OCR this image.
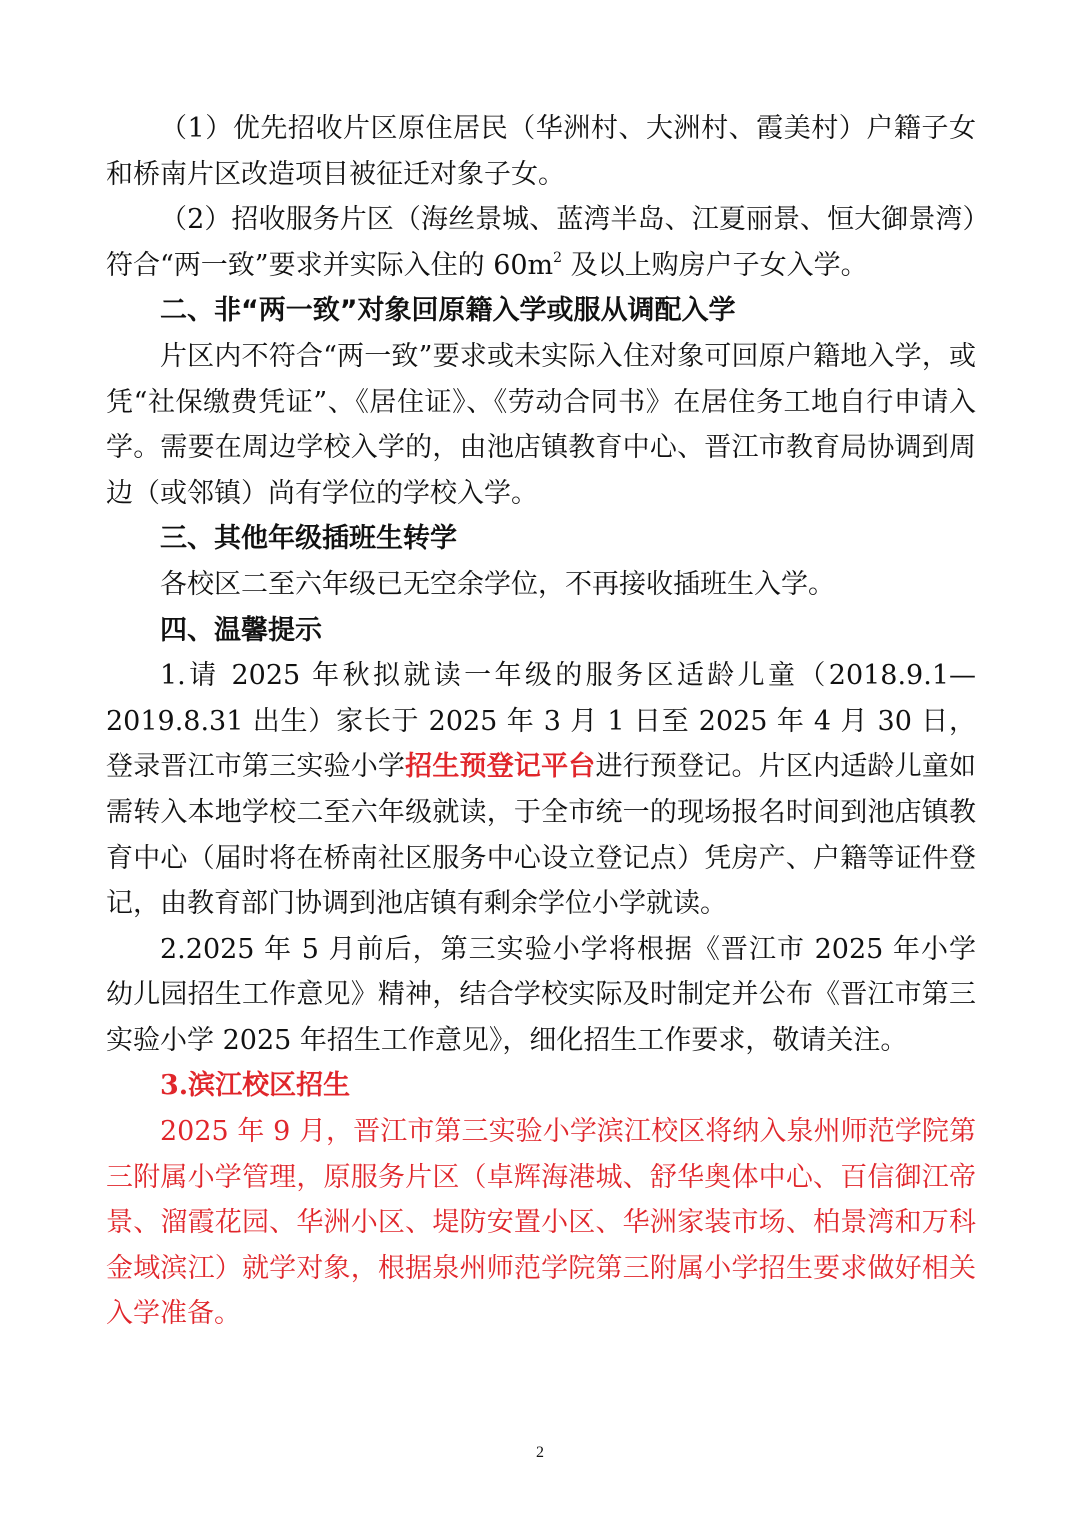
（1）优先招收片区原住居民（华洲村、大洲村、霞美村）户籍子女和桥南片区改造项目被征迁对象子女。

（2）招收服务片区（海丝景城、蓝湾半岛、江夏丽景、恒大御景湾）符合“两一致”要求并实际入住的 $60m^2$ 及以上购房户子女入学。

二、非“两一致”对象回原籍入学或服从调配入学

片区内不符合“两一致”要求或未实际入住对象可回原户籍地入学，或凭“社保缴费凭证”、《居住证》、《劳动合同书》在居住务工地自行申请入学。需要在周边学校入学的，由池店镇教育中心、晋江市教育局协调到周边（或邻镇）尚有学位的学校入学。

三、其他年级插班生转学

各校区二至六年级已无空余学位，不再接收插班生入学。

四、温馨提示

1.请 2025 年秋拟就读一年级的服务区适龄儿童（2018.9.1—2019.8.31 出生）家长于 2025 年 3 月 1 日至 2025 年 4 月 30 日，登录晋江市第三实验小学招生预登记平台进行预登记。片区内适龄儿童如需转入本地学校二至六年级就读，于全市统一的现场报名时间到池店镇教育中心（届时将在桥南社区服务中心设立登记点）凭房产、户籍等证件登记，由教育部门协调到池店镇有剩余学位小学就读。

2.2025 年 5 月前后，第三实验小学将根据《晋江市 2025 年小学幼儿园招生工作意见》精神，结合学校实际及时制定并公布《晋江市第三实验小学 2025 年招生工作意见》，细化招生工作要求，敬请关注。

3.滨江校区招生

2025 年 9 月，晋江市第三实验小学滨江校区将纳入泉州师范学院第三附属小学管理，原服务片区（卓辉海港城、舒华奥体中心、百信御江帝景、溜霞花园、华洲小区、堤防安置小区、华洲家装市场、柏景湾和万科金域滨江）就学对象，根据泉州师范学院第三附属小学招生要求做好相关入学准备。

2
